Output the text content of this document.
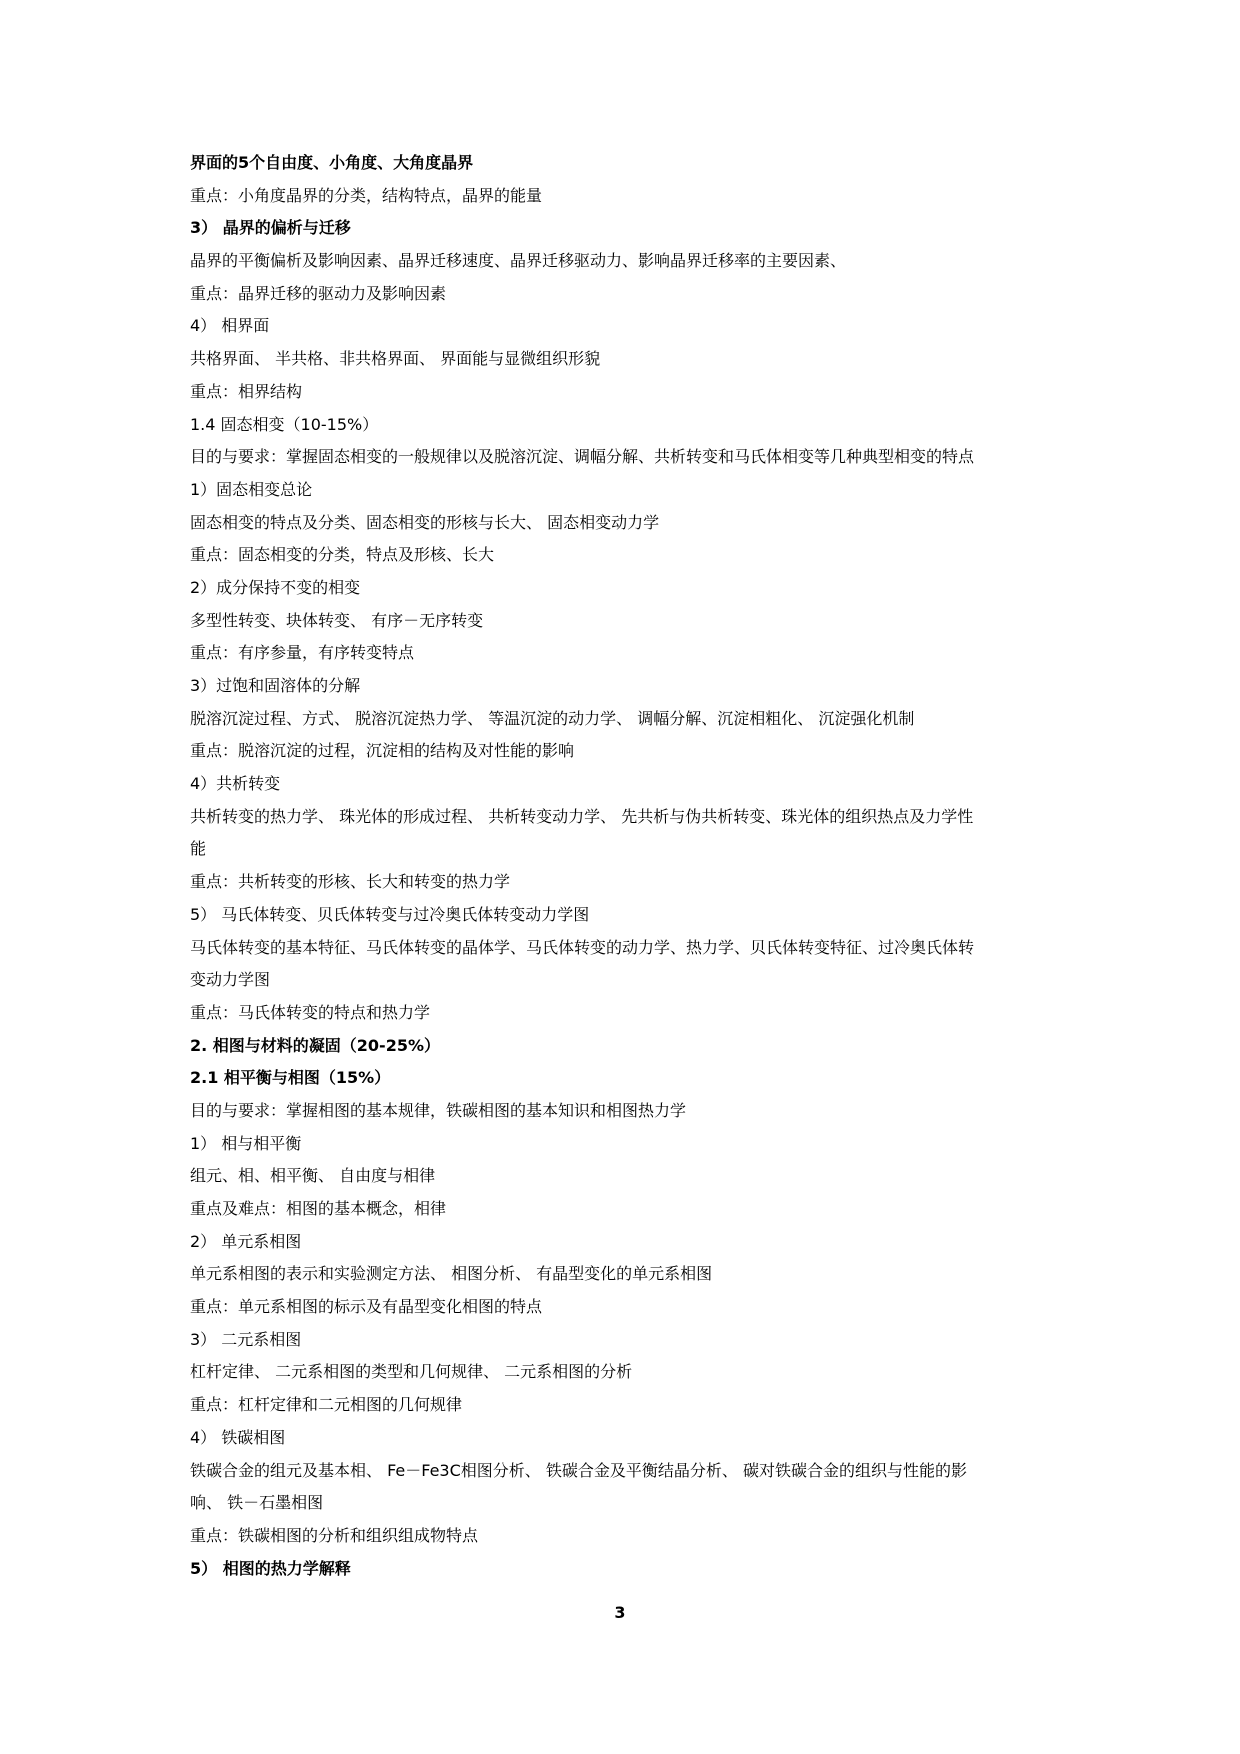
界面的5个自由度、小角度、大角度晶界
重点：小角度晶界的分类，结构特点，晶界的能量
3） 晶界的偏析与迁移
晶界的平衡偏析及影响因素、晶界迁移速度、晶界迁移驱动力、影响晶界迁移率的主要因素、
重点：晶界迁移的驱动力及影响因素
4） 相界面
共格界面、 半共格、非共格界面、 界面能与显微组织形貌
重点：相界结构
1.4 固态相变（10-15%）
目的与要求：掌握固态相变的一般规律以及脱溶沉淀、调幅分解、共析转变和马氏体相变等几种典型相变的特点
1）固态相变总论
固态相变的特点及分类、固态相变的形核与长大、 固态相变动力学
重点：固态相变的分类，特点及形核、长大
2）成分保持不变的相变
多型性转变、块体转变、 有序－无序转变
重点：有序参量，有序转变特点
3）过饱和固溶体的分解
脱溶沉淀过程、方式、 脱溶沉淀热力学、 等温沉淀的动力学、 调幅分解、沉淀相粗化、 沉淀强化机制
重点：脱溶沉淀的过程，沉淀相的结构及对性能的影响
4）共析转变
共析转变的热力学、 珠光体的形成过程、 共析转变动力学、 先共析与伪共析转变、珠光体的组织热点及力学性
能
重点：共析转变的形核、长大和转变的热力学
5） 马氏体转变、贝氏体转变与过冷奥氏体转变动力学图
马氏体转变的基本特征、马氏体转变的晶体学、马氏体转变的动力学、热力学、贝氏体转变特征、过冷奥氏体转
变动力学图
重点：马氏体转变的特点和热力学
2. 相图与材料的凝固（20-25%）
2.1 相平衡与相图（15%）
目的与要求：掌握相图的基本规律，铁碳相图的基本知识和相图热力学
1） 相与相平衡
组元、相、相平衡、 自由度与相律
重点及难点：相图的基本概念，相律
2） 单元系相图
单元系相图的表示和实验测定方法、 相图分析、 有晶型变化的单元系相图
重点：单元系相图的标示及有晶型变化相图的特点
3） 二元系相图
杠杆定律、 二元系相图的类型和几何规律、 二元系相图的分析
重点：杠杆定律和二元相图的几何规律
4） 铁碳相图
铁碳合金的组元及基本相、 Fe－Fe3C相图分析、 铁碳合金及平衡结晶分析、 碳对铁碳合金的组织与性能的影
响、 铁－石墨相图
重点：铁碳相图的分析和组织组成物特点
5） 相图的热力学解释
3
